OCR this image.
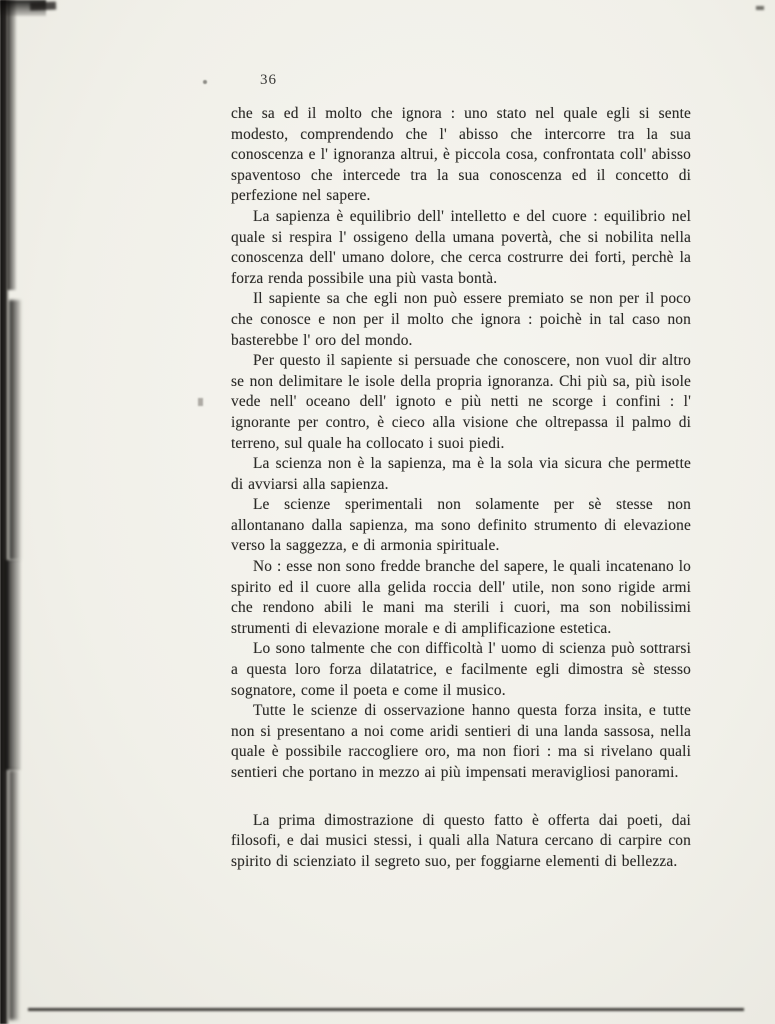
36

che sa ed il molto che ignora : uno stato nel quale egli si sente modesto, comprendendo che l' abisso che intercorre tra la sua conoscenza e l' ignoranza altrui, è piccola cosa, confrontata coll' abisso spaventoso che intercede tra la sua conoscenza ed il concetto di perfezione nel sapere.

La sapienza è equilibrio dell' intelletto e del cuore : equilibrio nel quale si respira l' ossigeno della umana povertà, che si nobilita nella conoscenza dell' umano dolore, che cerca costrurre dei forti, perchè la forza renda possibile una più vasta bontà.

Il sapiente sa che egli non può essere premiato se non per il poco che conosce e non per il molto che ignora : poichè in tal caso non basterebbe l' oro del mondo.

Per questo il sapiente si persuade che conoscere, non vuol dir altro se non delimitare le isole della propria ignoranza. Chi più sa, più isole vede nell' oceano dell' ignoto e più netti ne scorge i confini : l' ignorante per contro, è cieco alla visione che oltrepassa il palmo di terreno, sul quale ha collocato i suoi piedi.

La scienza non è la sapienza, ma è la sola via sicura che permette di avviarsi alla sapienza.

Le scienze sperimentali non solamente per sè stesse non allontanano dalla sapienza, ma sono definito strumento di elevazione verso la saggezza, e di armonia spirituale.

No : esse non sono fredde branche del sapere, le quali incatenano lo spirito ed il cuore alla gelida roccia dell' utile, non sono rigide armi che rendono abili le mani ma sterili i cuori, ma son nobilissimi strumenti di elevazione morale e di amplificazione estetica.

Lo sono talmente che con difficoltà l' uomo di scienza può sottrarsi a questa loro forza dilatatrice, e facilmente egli dimostra sè stesso sognatore, come il poeta e come il musico.

Tutte le scienze di osservazione hanno questa forza insita, e tutte non si presentano a noi come aridi sentieri di una landa sassosa, nella quale è possibile raccogliere oro, ma non fiori : ma si rivelano quali sentieri che portano in mezzo ai più impensati meravigliosi panorami.

La prima dimostrazione di questo fatto è offerta dai poeti, dai filosofi, e dai musici stessi, i quali alla Natura cercano di carpire con spirito di scienziato il segreto suo, per foggiarne elementi di bellezza.
